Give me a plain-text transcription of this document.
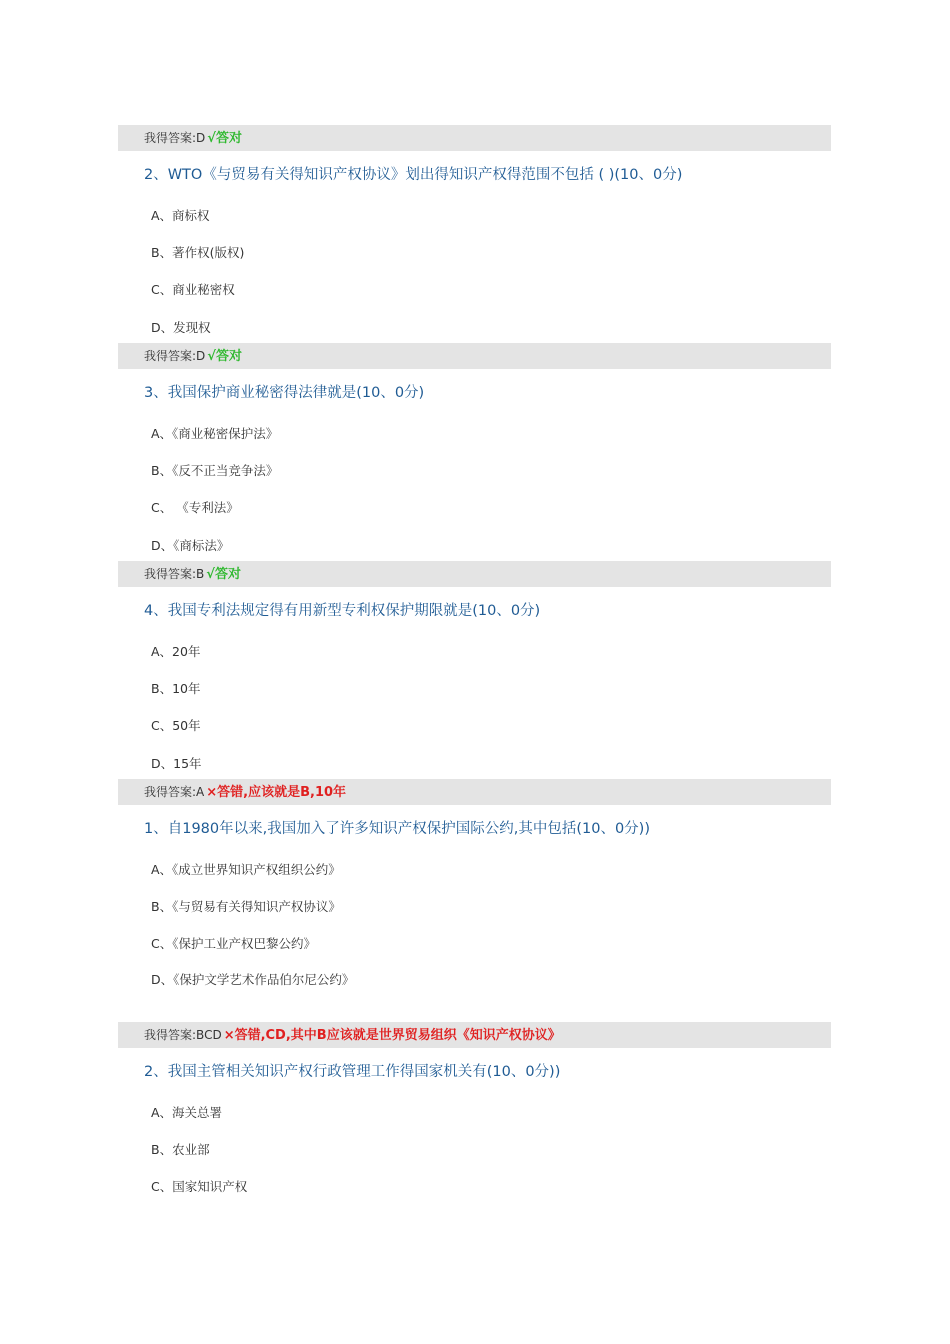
我得答案:D √答对
2、WTO《与贸易有关得知识产权协议》划出得知识产权得范围不包括 ( )(10、0分)
A、商标权
B、著作权(版权)
C、商业秘密权
D、发现权
我得答案:D √答对
3、我国保护商业秘密得法律就是(10、0分)
A、《商业秘密保护法》
B、《反不正当竞争法》
C、 《专利法》
D、《商标法》
我得答案:B √答对
4、我国专利法规定得有用新型专利权保护期限就是(10、0分)
A、20年
B、10年
C、50年
D、15年
我得答案:A ×答错,应该就是B,10年
1、自1980年以来,我国加入了许多知识产权保护国际公约,其中包括(10、0分))
A、《成立世界知识产权组织公约》
B、《与贸易有关得知识产权协议》
C、《保护工业产权巴黎公约》
D、《保护文学艺术作品伯尔尼公约》
我得答案:BCD ×答错,CD,其中B应该就是世界贸易组织《知识产权协议》
2、我国主管相关知识产权行政管理工作得国家机关有(10、0分))
A、海关总署
B、农业部
C、国家知识产权
